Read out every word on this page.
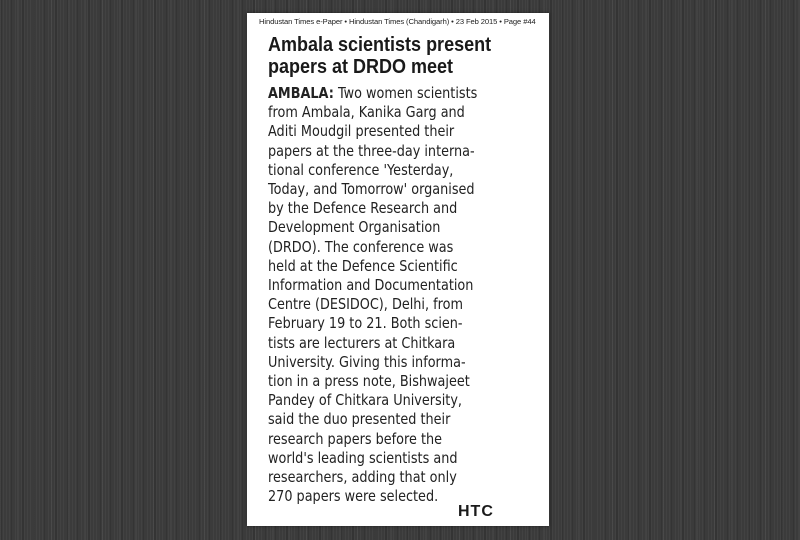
Hindustan Times e-Paper • Hindustan Times (Chandigarh) • 23 Feb 2015 • Page #44
Ambala scientists present
papers at DRDO meet
AMBALA: Two women scientists
from Ambala, Kanika Garg and
Aditi Moudgil presented their
papers at the three-day interna-
tional conference 'Yesterday,
Today, and Tomorrow' organised
by the Defence Research and
Development Organisation
(DRDO). The conference was
held at the Defence Scientific
Information and Documentation
Centre (DESIDOC), Delhi, from
February 19 to 21. Both scien-
tists are lecturers at Chitkara
University. Giving this informa-
tion in a press note, Bishwajeet
Pandey of Chitkara University,
said the duo presented their
research papers before the
world's leading scientists and
researchers, adding that only
270 papers were selected.
HTC
